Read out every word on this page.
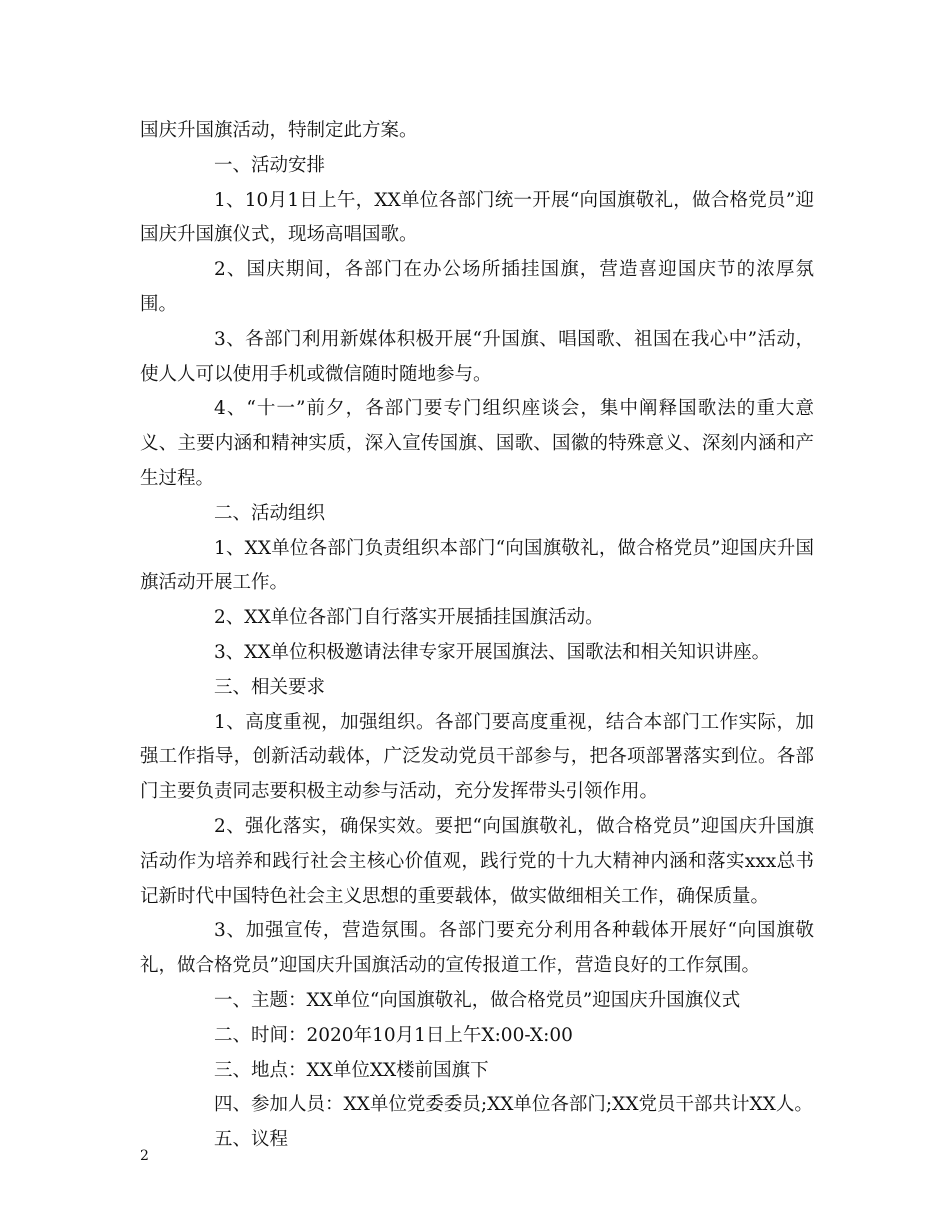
国庆升国旗活动，特制定此方案。

一、活动安排

1、10月1日上午，XX单位各部门统一开展“向国旗敬礼，做合格党员”迎国庆升国旗仪式，现场高唱国歌。

2、国庆期间，各部门在办公场所插挂国旗，营造喜迎国庆节的浓厚氛围。

3、各部门利用新媒体积极开展“升国旗、唱国歌、祖国在我心中”活动，使人人可以使用手机或微信随时随地参与。

4、“十一”前夕，各部门要专门组织座谈会，集中阐释国歌法的重大意义、主要内涵和精神实质，深入宣传国旗、国歌、国徽的特殊意义、深刻内涵和产生过程。

二、活动组织

1、XX单位各部门负责组织本部门“向国旗敬礼，做合格党员”迎国庆升国旗活动开展工作。

2、XX单位各部门自行落实开展插挂国旗活动。

3、XX单位积极邀请法律专家开展国旗法、国歌法和相关知识讲座。

三、相关要求

1、高度重视，加强组织。各部门要高度重视，结合本部门工作实际，加强工作指导，创新活动载体，广泛发动党员干部参与，把各项部署落实到位。各部门主要负责同志要积极主动参与活动，充分发挥带头引领作用。

2、强化落实，确保实效。要把“向国旗敬礼，做合格党员”迎国庆升国旗活动作为培养和践行社会主核心价值观，践行党的十九大精神内涵和落实xxx总书记新时代中国特色社会主义思想的重要载体，做实做细相关工作，确保质量。

3、加强宣传，营造氛围。各部门要充分利用各种载体开展好“向国旗敬礼，做合格党员”迎国庆升国旗活动的宣传报道工作，营造良好的工作氛围。

一、主题：XX单位“向国旗敬礼，做合格党员”迎国庆升国旗仪式

二、时间：2020年10月1日上午X:00-X:00

三、地点：XX单位XX楼前国旗下

四、参加人员：XX单位党委委员;XX单位各部门;XX党员干部共计XX人。

五、议程

2
